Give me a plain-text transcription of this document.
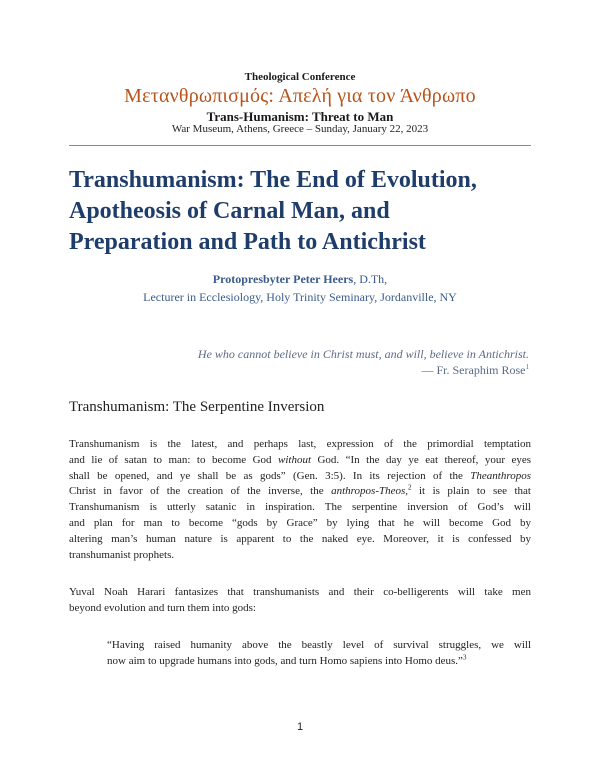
Theological Conference
Μετανθρωπισμός: Απελή για τον Άνθρωπο
Trans-Humanism: Threat to Man
War Museum, Athens, Greece – Sunday, January 22, 2023
Transhumanism: The End of Evolution,
Apotheosis of Carnal Man, and
Preparation and Path to Antichrist
Protopresbyter Peter Heers, D.Th,
Lecturer in Ecclesiology, Holy Trinity Seminary, Jordanville, NY
He who cannot believe in Christ must, and will, believe in Antichrist.
— Fr. Seraphim Rose$^1$
Transhumanism: The Serpentine Inversion
Transhumanism is the latest, and perhaps last, expression of the primordial temptation
and lie of satan to man: to become God without God. “In the day ye eat thereof, your eyes
shall be opened, and ye shall be as gods” (Gen. 3:5). In its rejection of the Theanthropos
Christ in favor of the creation of the inverse, the anthropos-Theos,$^2$ it is plain to see that
Transhumanism is utterly satanic in inspiration. The serpentine inversion of God’s will
and plan for man to become “gods by Grace” by lying that he will become God by
altering man’s human nature is apparent to the naked eye. Moreover, it is confessed by
transhumanist prophets.
Yuval Noah Harari fantasizes that transhumanists and their co-belligerents will take men
beyond evolution and turn them into gods:
“Having raised humanity above the beastly level of survival struggles, we will
now aim to upgrade humans into gods, and turn Homo sapiens into Homo deus.”$^3$
1
